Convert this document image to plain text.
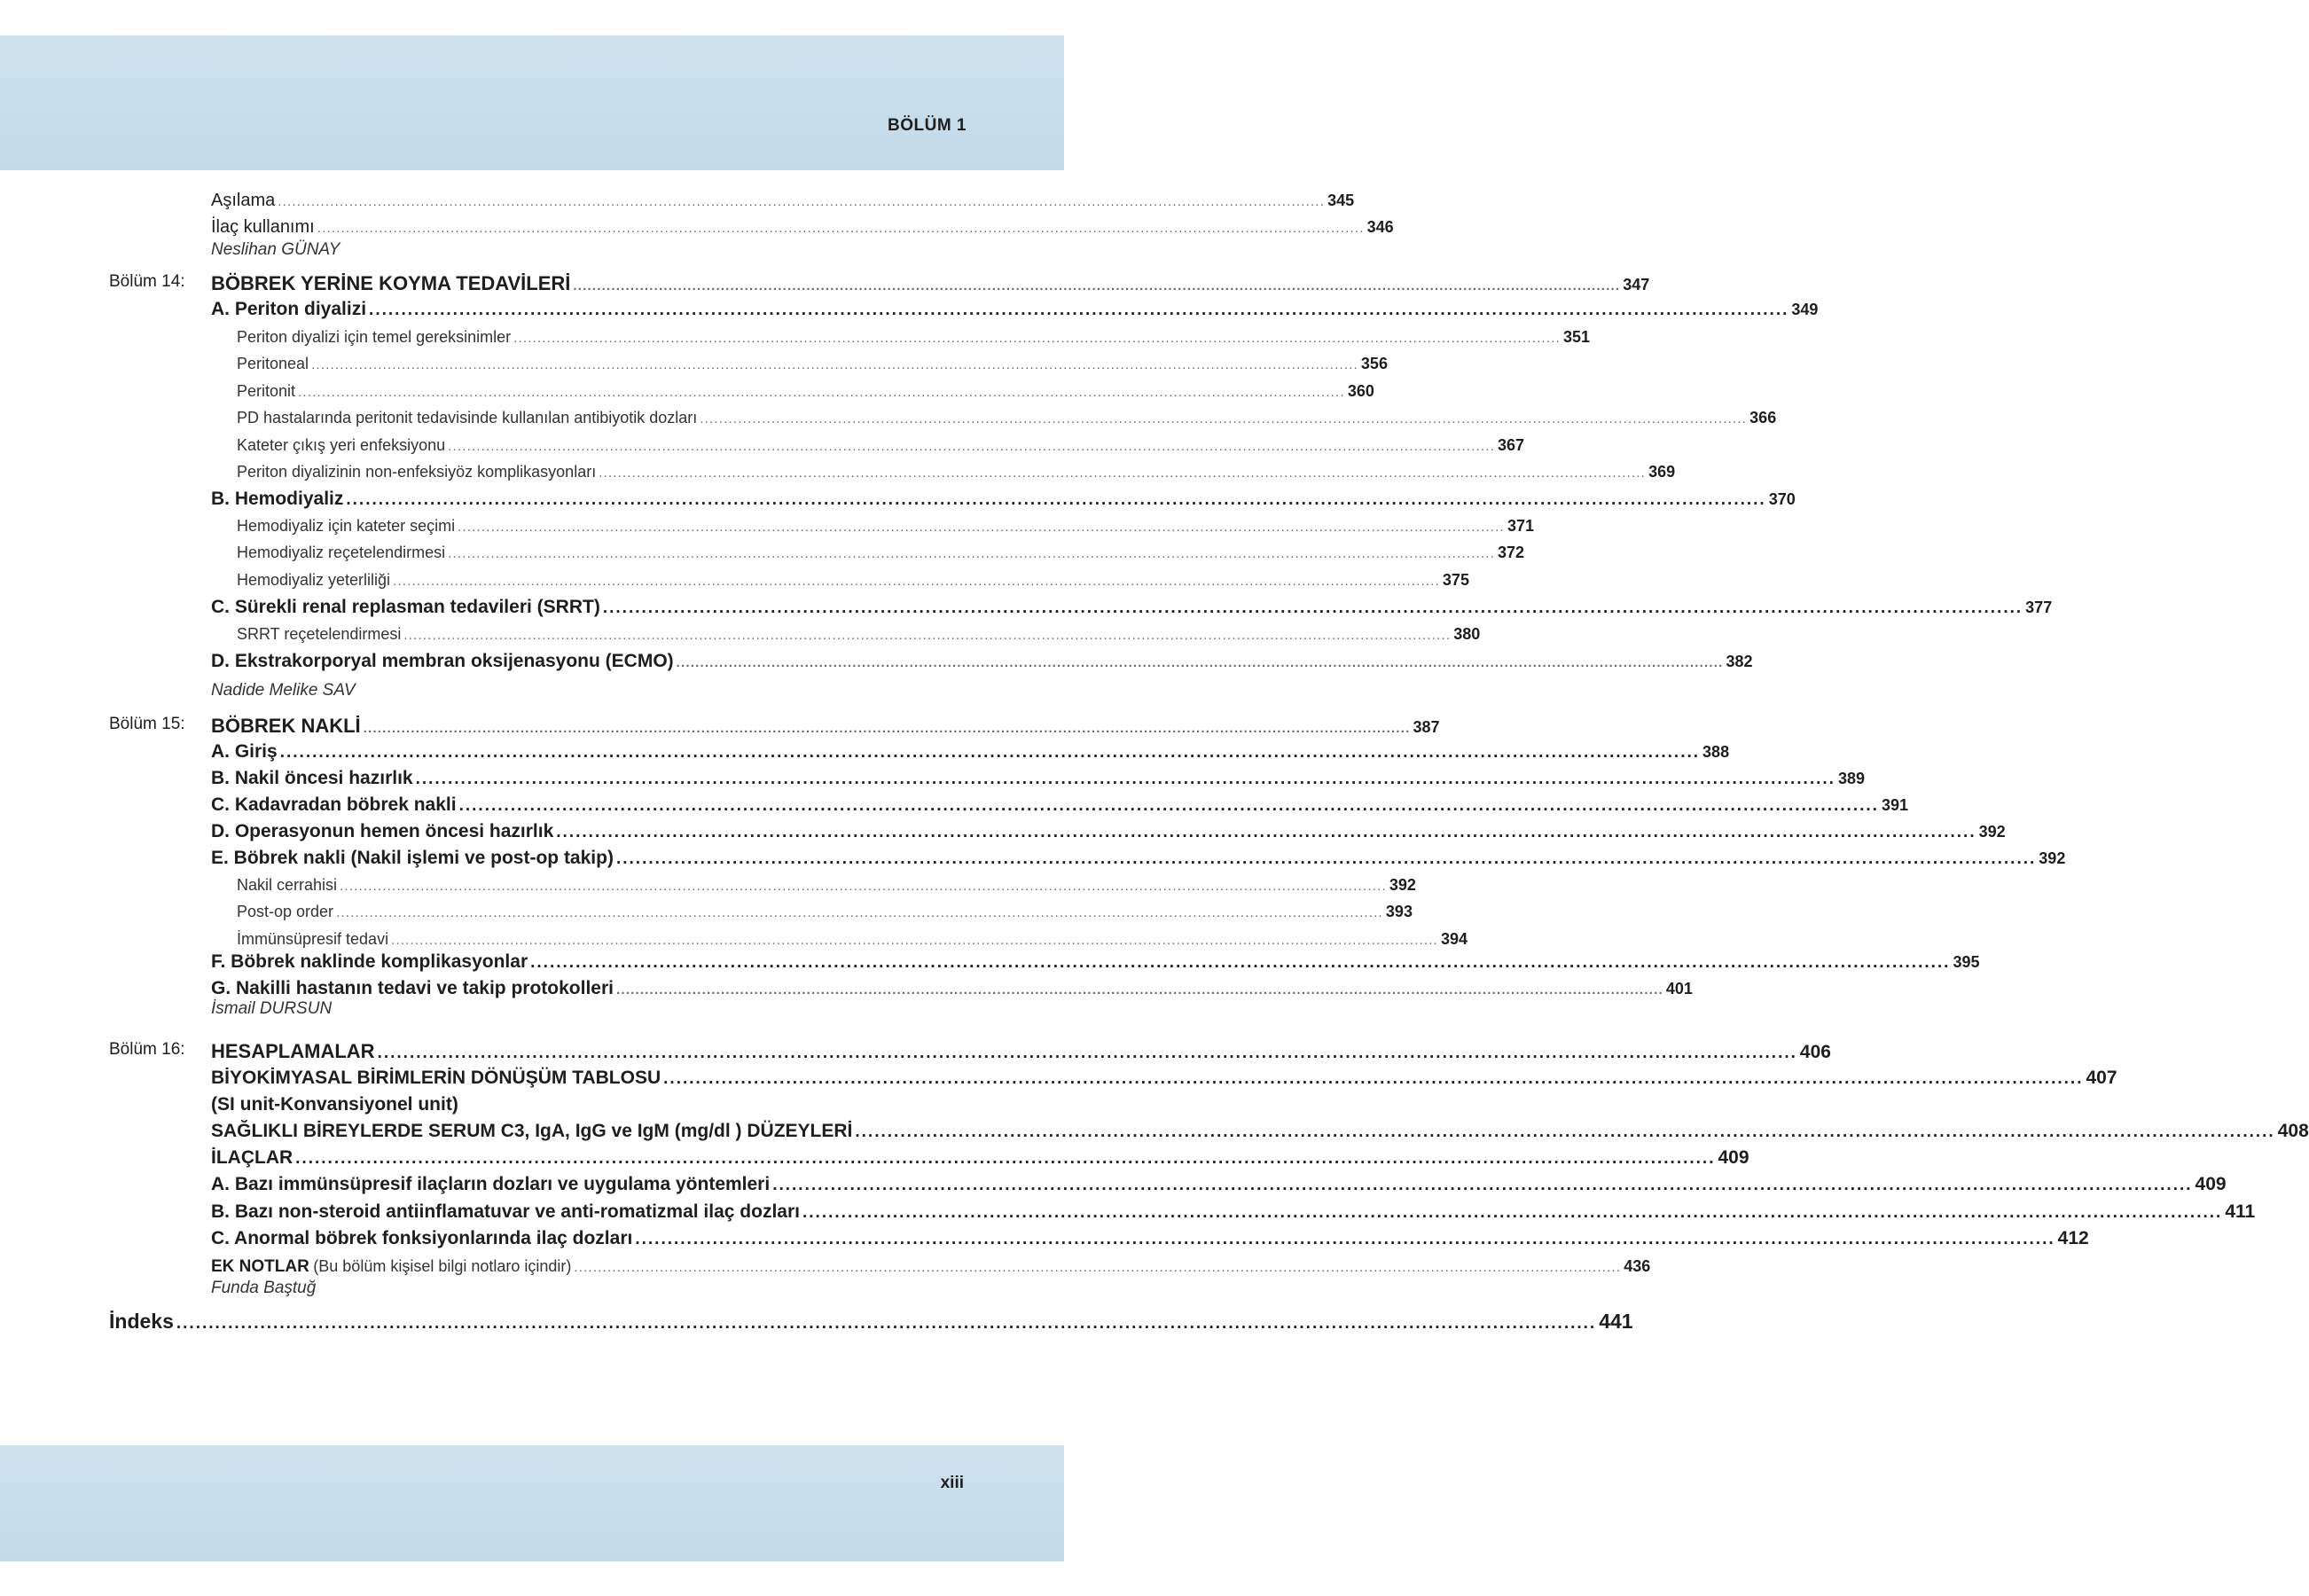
BÖLÜM 1
Aşılama ............................................................................................................................................................................................................................ 345
İlaç kullanımı ............................................................................................................................................................................................................................ 346
Neslihan GÜNAY
Bölüm 14:	BÖBREK YERİNE KOYMA TEDAVİLERİ ............................................................................................................................................................................................................................ 347
A. Periton diyalizi ............................................................................................................................................................................................................................ 349
Periton diyalizi için temel gereksinimler ............................................................................................................................................................................................................................ 351
Peritoneal ............................................................................................................................................................................................................................ 356
Peritonit ............................................................................................................................................................................................................................ 360
PD hastalarında peritonit tedavisinde kullanılan antibiyotik dozları ............................................................................................................................................................................................................................ 366
Kateter çıkış yeri enfeksiyonu ............................................................................................................................................................................................................................ 367
Periton diyalizinin non-enfeksiyöz komplikasyonları ............................................................................................................................................................................................................................ 369
B. Hemodiyaliz ............................................................................................................................................................................................................................ 370
Hemodiyaliz için kateter seçimi ............................................................................................................................................................................................................................ 371
Hemodiyaliz reçetelendirmesi ............................................................................................................................................................................................................................ 372
Hemodiyaliz yeterliliği ............................................................................................................................................................................................................................ 375
C. Sürekli renal replasman tedavileri (SRRT) ............................................................................................................................................................................................................................ 377
SRRT reçetelendirmesi ............................................................................................................................................................................................................................ 380
D. Ekstrakorporyal membran oksijenasyonu (ECMO) ............................................................................................................................................................................................................................ 382
Nadide Melike SAV
Bölüm 15:	BÖBREK NAKLİ ............................................................................................................................................................................................................................ 387
A. Giriş ............................................................................................................................................................................................................................ 388
B. Nakil öncesi hazırlık ............................................................................................................................................................................................................................ 389
C. Kadavradan böbrek nakli ............................................................................................................................................................................................................................ 391
D. Operasyonun hemen öncesi hazırlık ............................................................................................................................................................................................................................ 392
E. Böbrek nakli (Nakil işlemi ve post-op takip) ............................................................................................................................................................................................................................ 392
Nakil cerrahisi ............................................................................................................................................................................................................................ 392
Post-op order ............................................................................................................................................................................................................................ 393
İmmünsüpresif tedavi ............................................................................................................................................................................................................................ 394
F. Böbrek naklinde komplikasyonlar ............................................................................................................................................................................................................................ 395
G. Nakilli hastanın tedavi ve takip protokolleri ............................................................................................................................................................................................................................ 401
İsmail DURSUN
Bölüm 16:	HESAPLAMALAR ............................................................................................................................................................................................................................ 406
BİYOKİMYASAL BİRİMLERİN DÖNÜŞÜM TABLOSU ............................................................................................................................................................................................................................ 407
(SI unit-Konvansiyonel unit)
SAĞLIKLI BİREYLERDE SERUM C3, IgA, IgG ve IgM (mg/dl ) DÜZEYLERİ ............................................................................................................................................................................................................................ 408
İLAÇLAR ............................................................................................................................................................................................................................ 409
A. Bazı immünsüpresif ilaçların dozları ve uygulama yöntemleri ............................................................................................................................................................................................................................ 409
B. Bazı non-steroid antiinflamatuvar ve anti-romatizmal ilaç dozları ............................................................................................................................................................................................................................ 411
C. Anormal böbrek fonksiyonlarında ilaç dozları ............................................................................................................................................................................................................................ 412
EK NOTLAR (Bu bölüm kişisel bilgi notlaro içindir) ............................................................................................................................................................................................................................ 436
Funda Baştuğ
İndeks ............................................................................................................................................................................................................................ 441
xiii
